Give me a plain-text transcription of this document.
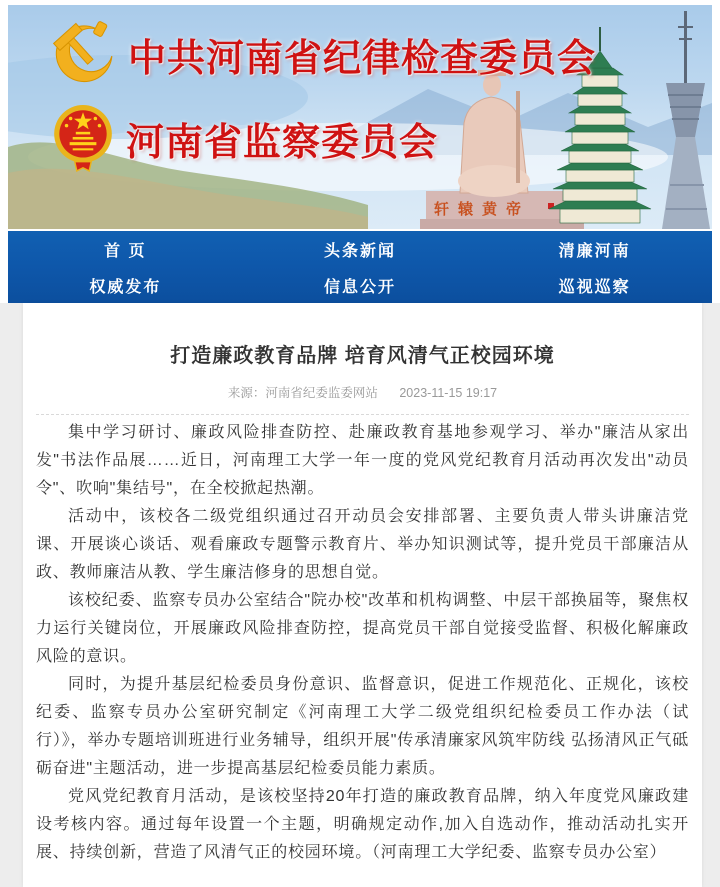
轩辕黄帝
中共河南省纪律检查委员会
河南省监察委员会
首 页	头条新闻	清廉河南
权威发布	信息公开	巡视巡察
打造廉政教育品牌 培育风清气正校园环境
来源：河南省纪委监委网站 2023-11-15 19:17

集中学习研讨、廉政风险排查防控、赴廉政教育基地参观学习、举办"廉洁从家出发"书法作品展……近日，河南理工大学一年一度的党风党纪教育月活动再次发出"动员令"、吹响"集结号"，在全校掀起热潮。

活动中，该校各二级党组织通过召开动员会安排部署、主要负责人带头讲廉洁党课、开展谈心谈话、观看廉政专题警示教育片、举办知识测试等，提升党员干部廉洁从政、教师廉洁从教、学生廉洁修身的思想自觉。

该校纪委、监察专员办公室结合"院办校"改革和机构调整、中层干部换届等，聚焦权力运行关键岗位，开展廉政风险排查防控，提高党员干部自觉接受监督、积极化解廉政风险的意识。

同时，为提升基层纪检委员身份意识、监督意识，促进工作规范化、正规化，该校纪委、监察专员办公室研究制定《河南理工大学二级党组织纪检委员工作办法（试行）》，举办专题培训班进行业务辅导，组织开展"传承清廉家风筑牢防线 弘扬清风正气砥砺奋进"主题活动，进一步提高基层纪检委员能力素质。

党风党纪教育月活动，是该校坚持20年打造的廉政教育品牌，纳入年度党风廉政建设考核内容。通过每年设置一个主题，明确规定动作,加入自选动作，推动活动扎实开展、持续创新，营造了风清气正的校园环境。（河南理工大学纪委、监察专员办公室）
